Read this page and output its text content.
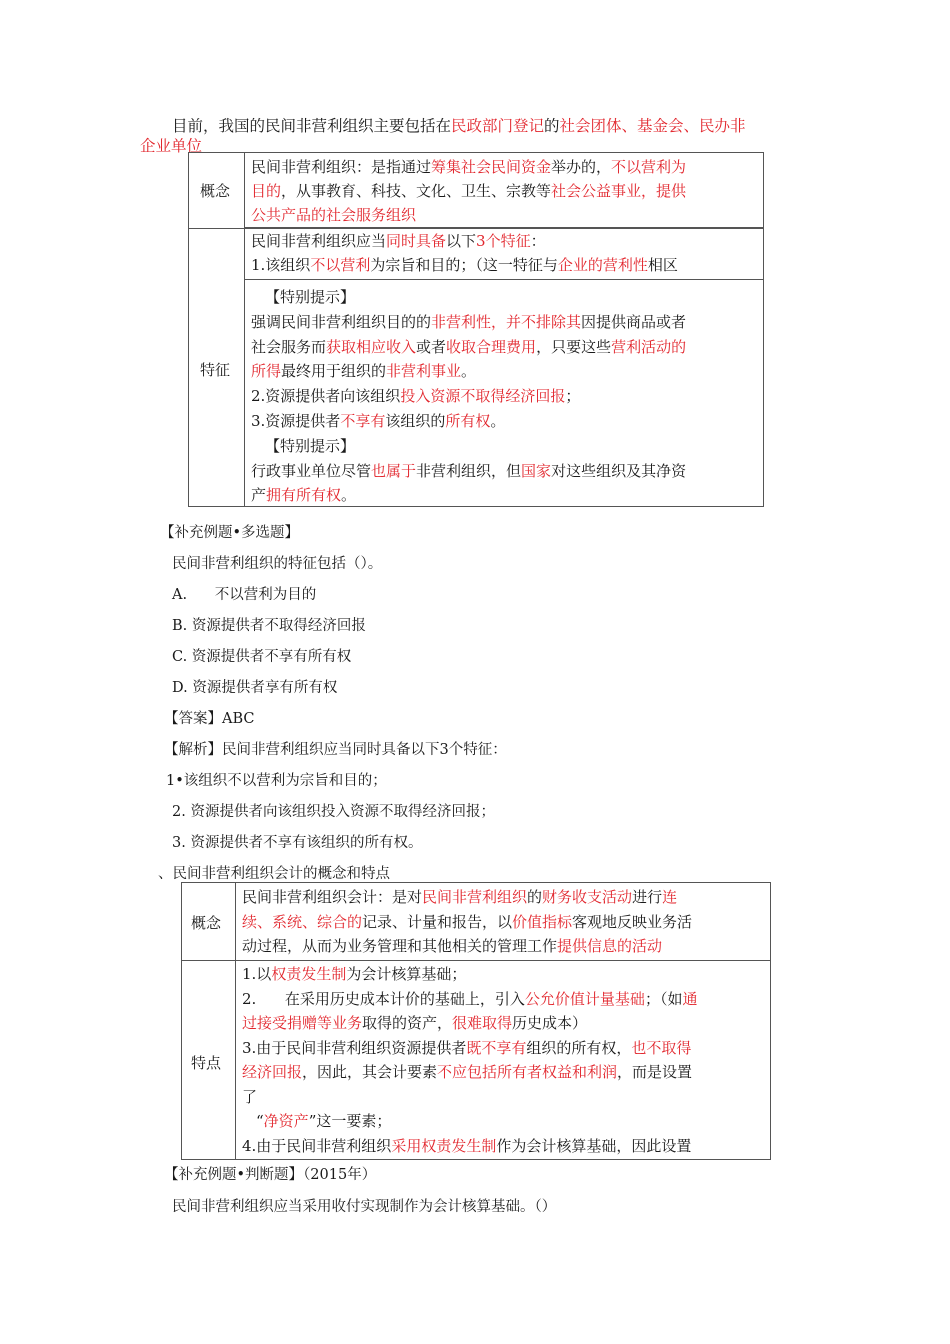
目前，我国的民间非营利组织主要包括在民政部门登记的社会团体、基金会、民办非
企业单位
概念
特征
民间非营利组织：是指通过筹集社会民间资金举办的，不以营利为
目的，从事教育、科技、文化、卫生、宗教等社会公益事业，提供
公共产品的社会服务组织
民间非营利组织应当同时具备以下3个特征：
1.该组织不以营利为宗旨和目的；（这一特征与企业的营利性相区
【特别提示】
强调民间非营利组织目的的非营利性，并不排除其因提供商品或者
社会服务而获取相应收入或者收取合理费用，只要这些营利活动的
所得最终用于组织的非营利事业。
2.资源提供者向该组织投入资源不取得经济回报；
3.资源提供者不享有该组织的所有权。
【特别提示】
行政事业单位尽管也属于非营利组织，但国家对这些组织及其净资
产拥有所有权。
【补充例题•多选题】
民间非营利组织的特征包括（）。
A.      不以营利为目的
B. 资源提供者不取得经济回报
C. 资源提供者不享有所有权
D. 资源提供者享有所有权
【答案】ABC
【解析】民间非营利组织应当同时具备以下3个特征：
1•该组织不以营利为宗旨和目的；
2. 资源提供者向该组织投入资源不取得经济回报；
3. 资源提供者不享有该组织的所有权。
、民间非营利组织会计的概念和特点
概念
特点
民间非营利组织会计：是对民间非营利组织的财务收支活动进行连
续、系统、综合的记录、计量和报告，以价值指标客观地反映业务活
动过程，从而为业务管理和其他相关的管理工作提供信息的活动
1.以权责发生制为会计核算基础；
2.      在采用历史成本计价的基础上，引入公允价值计量基础；（如通
过接受捐赠等业务取得的资产，很难取得历史成本）
3.由于民间非营利组织资源提供者既不享有组织的所有权，也不取得
经济回报，因此，其会计要素不应包括所有者权益和利润，而是设置
了
“净资产”这一要素；
4.由于民间非营利组织采用权责发生制作为会计核算基础，因此设置
【补充例题•判断题】（2015年）
民间非营利组织应当采用收付实现制作为会计核算基础。（）
